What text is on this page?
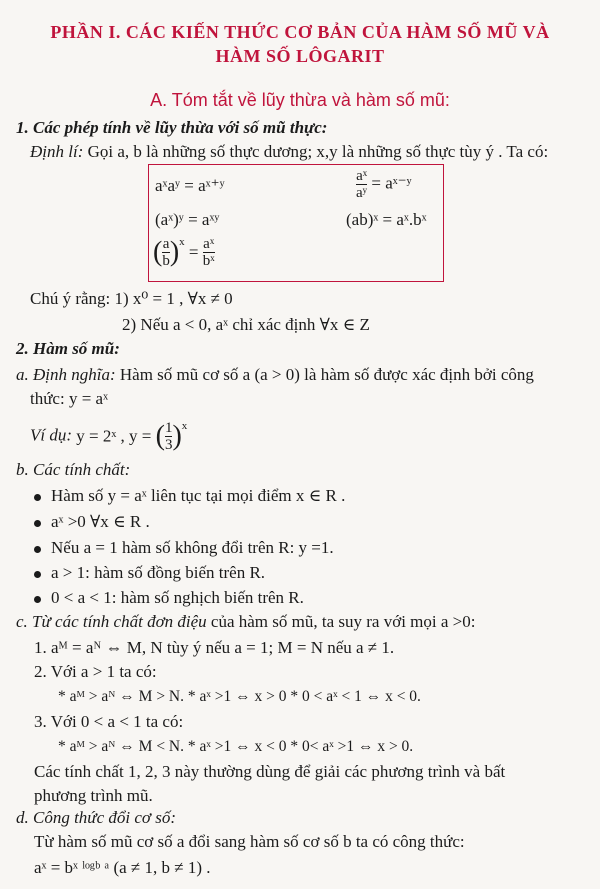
PHẦN I. CÁC KIẾN THỨC CƠ BẢN CỦA HÀM SỐ MŨ VÀ
HÀM SỐ LÔGARIT
A. Tóm tắt về lũy thừa và hàm số mũ:
1. Các phép tính về lũy thừa với số mũ thực:
Định lí: Gọi a, b là những số thực dương; x,y là những số thực tùy ý . Ta có:
aˣaʸ = aˣ⁺ʸ	$\frac{\text{aˣ}}{\text{aʸ}}$ = aˣ⁻ʸ
(aˣ)ʸ = aˣʸ	(ab)ˣ = aˣ.bˣ
( $\frac{a}{b} )^x = \frac{\text{aˣ}}{\text{bˣ}}$
Chú ý rằng: 1) x⁰ = 1 , ∀x ≠ 0
2) Nếu a < 0, aˣ chỉ xác định ∀x ∈ Z
2. Hàm số mũ:
a. Định nghĩa: Hàm số mũ cơ số a (a > 0) là hàm số được xác định bởi công
thức: y = aˣ
Ví dụ: y = 2ˣ , y = ( $\frac{1}{3} )^x$
b. Các tính chất:
Hàm số y = aˣ liên tục tại mọi điểm x ∈ R .
aˣ >0 ∀x ∈ R .
Nếu a = 1 hàm số không đổi trên R: y =1.
a > 1: hàm số đồng biến trên R.
0 < a < 1: hàm số nghịch biến trên R.
c. Từ các tính chất đơn điệu của hàm số mũ, ta suy ra với mọi a >0:
1. aᴹ = aᴺ ⇔ M, N tùy ý nếu a = 1; M = N nếu a ≠ 1.
2. Với a > 1 ta có:
* aᴹ > aᴺ ⇔ M > N. * aˣ >1 ⇔ x > 0 * 0 < aˣ < 1 ⇔ x < 0.
3. Với 0 < a < 1 ta có:
* aᴹ > aᴺ ⇔ M < N. * aˣ >1 ⇔ x < 0 * 0< aˣ >1 ⇔ x > 0.
Các tính chất 1, 2, 3 này thường dùng để giải các phương trình và bất
phương trình mũ.
d. Công thức đổi cơ số:
Từ hàm số mũ cơ số a đổi sang hàm số cơ số b ta có công thức:
aˣ = bˣ ˡᵒᵍᵇ ᵃ (a ≠ 1, b ≠ 1) .
